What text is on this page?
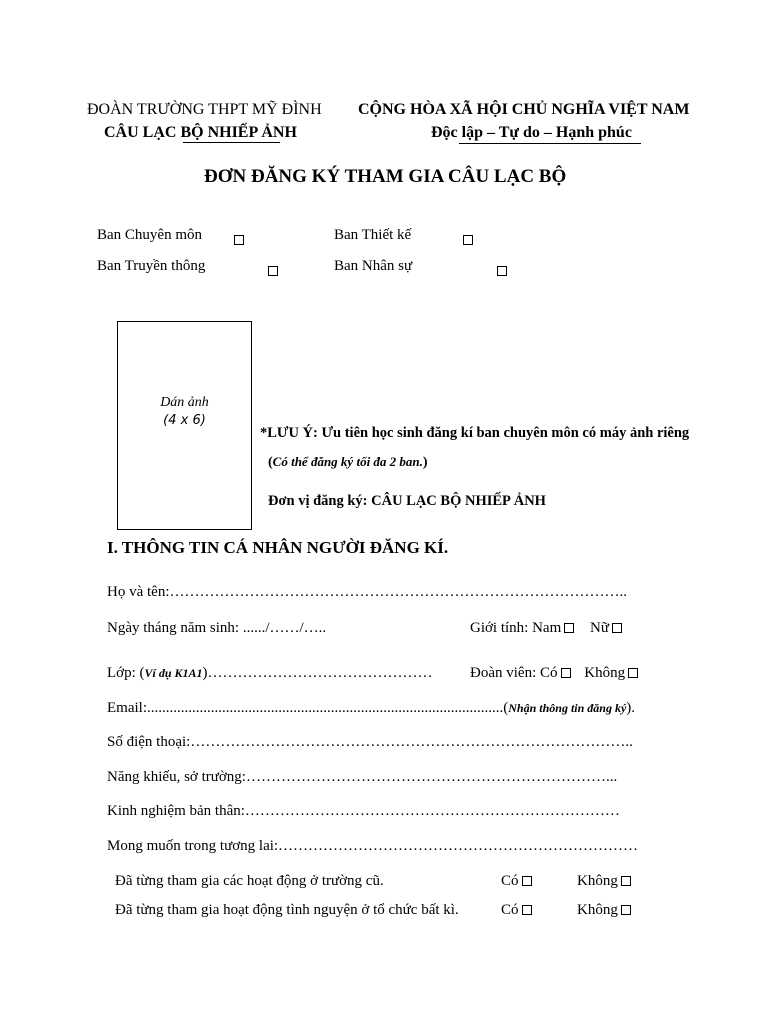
ĐOÀN TRƯỜNG THPT MỸ ĐÌNH
CÂU LẠC BỘ NHIẾP ẢNH
CỘNG HÒA XÃ HỘI CHỦ NGHĨA VIỆT NAM
Độc lập – Tự do – Hạnh phúc
ĐƠN ĐĂNG KÝ THAM GIA CÂU LẠC BỘ
Ban Chuyên môn
	Ban Thiết kế

Ban Truyền thông
	Ban Nhân sự
Dán ảnh
(4 x 6)
*LƯU Ý: Ưu tiên học sinh đăng kí ban chuyên môn có máy ảnh riêng
(Có thể đăng ký tối đa 2 ban.)
Đơn vị đăng ký: CÂU LẠC BỘ NHIẾP ẢNH
I. THÔNG TIN CÁ NHÂN NGƯỜI ĐĂNG KÍ.
Họ và tên:………………………………………………………………………………..
Ngày tháng năm sinh: ....../……/…..	Giới tính: Nam Nữ
Lớp: (Ví dụ K1A1)……………………………………… Đoàn viên: Có Không
Email:...............................................................................................(Nhận thông tin đăng ký).
Số điện thoại:……………………………………………………………………………..
Năng khiếu, sở trường:………………………………………………………………...
Kinh nghiệm bản thân:…………………………………………………………………
Mong muốn trong tương lai:………………………………………………………………
Đã từng tham gia các hoạt động ở trường cũ.	Có	Không
Đã từng tham gia hoạt động tình nguyện ở tổ chức bất kì.	Có	Không
